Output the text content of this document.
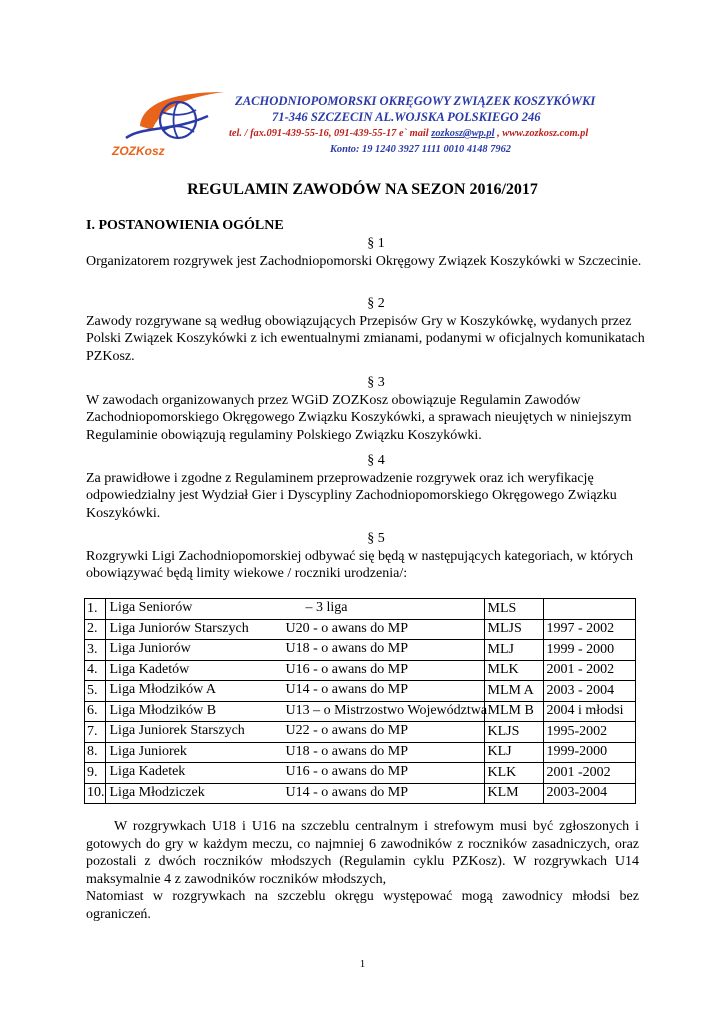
ZOZKosz
ZACHODNIOPOMORSKI OKRĘGOWY ZWIĄZEK KOSZYKÓWKI
71-346 SZCZECIN AL.WOJSKA POLSKIEGO 246
tel. / fax.091-439-55-16, 091-439-55-17 e` mail zozkosz@wp.pl , www.zozkosz.com.pl
Konto: 19 1240 3927 1111 0010 4148 7962
REGULAMIN ZAWODÓW NA SEZON 2016/2017
I. POSTANOWIENIA OGÓLNE
§ 1
Organizatorem rozgrywek jest Zachodniopomorski Okręgowy Związek Koszykówki w Szczecinie.
§ 2
Zawody rozgrywane są według obowiązujących Przepisów Gry w Koszykówkę, wydanych przez Polski Związek Koszykówki z ich ewentualnymi zmianami, podanymi w oficjalnych komunikatach PZKosz.
§ 3
W zawodach organizowanych przez WGiD ZOZKosz obowiązuje Regulamin Zawodów Zachodniopomorskiego Okręgowego Związku Koszykówki, a sprawach nieujętych w niniejszym Regulaminie obowiązują regulaminy Polskiego Związku Koszykówki.
§ 4
Za prawidłowe i zgodne z Regulaminem przeprowadzenie rozgrywek oraz ich weryfikację odpowiedzialny jest Wydział Gier i Dyscypliny Zachodniopomorskiego Okręgowego Związku Koszykówki.
§ 5
Rozgrywki Ligi Zachodniopomorskiej odbywać się będą w następujących kategoriach, w których obowiązywać będą limity wiekowe / roczniki urodzenia/:
1.	Liga Seniorów – 3 liga	MLS	
2.	Liga Juniorów Starszych U20 - o awans do MP	MLJS	1997 - 2002
3.	Liga Juniorów U18 - o awans do MP	MLJ	1999 - 2000
4.	Liga Kadetów U16 - o awans do MP	MLK	2001 - 2002
5.	Liga Młodzików A U14 - o awans do MP	MLM A	2003 - 2004
6.	Liga Młodzików B U13 – o Mistrzostwo Województwa	MLM B	2004 i młodsi
7.	Liga Juniorek Starszych U22 - o awans do MP	KLJS	1995-2002
8.	Liga Juniorek U18 - o awans do MP	KLJ	1999-2000
9.	Liga Kadetek U16 - o awans do MP	KLK	2001 -2002
10.	Liga Młodziczek U14 - o awans do MP	KLM	2003-2004
W rozgrywkach U18 i U16 na szczeblu centralnym i strefowym musi być zgłoszonych i gotowych do gry w każdym meczu, co najmniej 6 zawodników z roczników zasadniczych, oraz pozostali z dwóch roczników młodszych (Regulamin cyklu PZKosz). W rozgrywkach U14 maksymalnie 4 z zawodników roczników młodszych,
Natomiast w rozgrywkach na szczeblu okręgu występować mogą zawodnicy młodsi bez ograniczeń.
1
